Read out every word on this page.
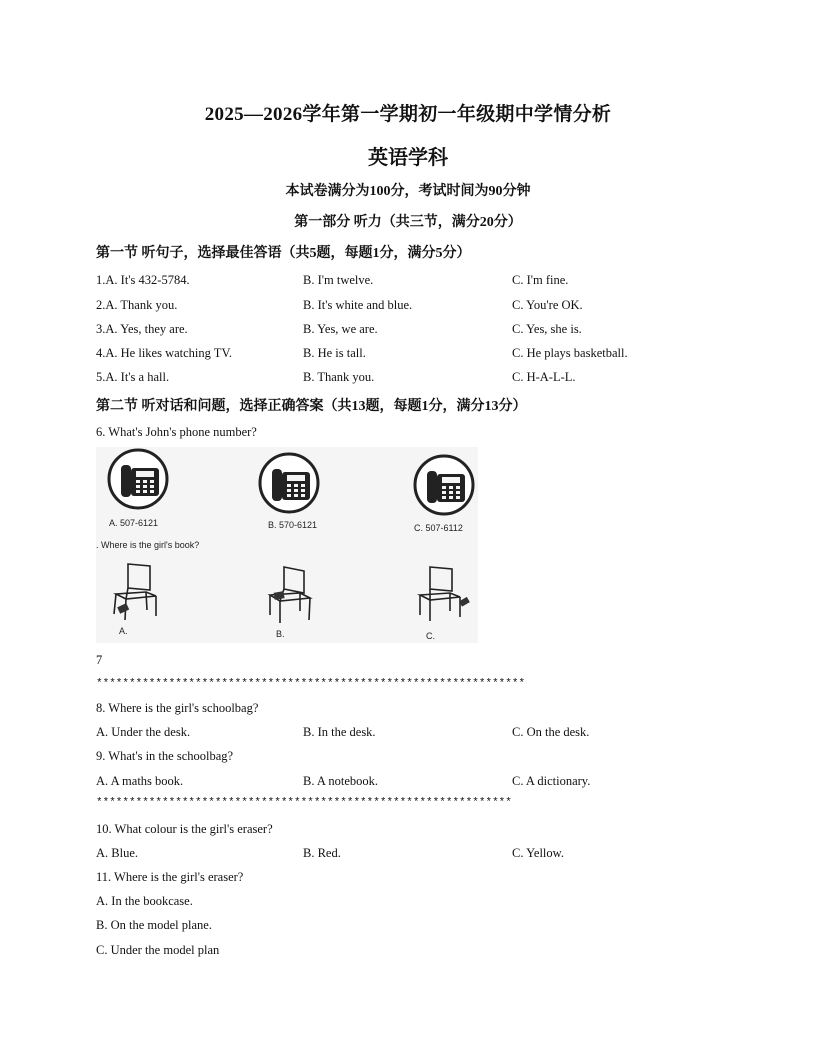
2025—2026学年第一学期初一年级期中学情分析
英语学科
本试卷满分为100分，考试时间为90分钟
第一部分 听力（共三节，满分20分）
第一节 听句子，选择最佳答语（共5题，每题1分，满分5分）
1.A. It's 432-5784.	B. I'm twelve.	C. I'm fine.
2.A. Thank you.	B. It's white and blue.	C. You're OK.
3.A. Yes, they are.	B. Yes, we are.	C. Yes, she is.
4.A. He likes watching TV.	B. He is tall.	C. He plays basketball.
5.A. It's a hall.	B. Thank you.	C. H-A-L-L.
第二节 听对话和问题，选择正确答案（共13题，每题1分，满分13分）
6. What's John's phone number?
A. 507-6121	B. 570-6121	C. 507-6112
. Where is the girl's book?
A.	B.	C.
7
*****************************************************************
8. Where is the girl's schoolbag?
A. Under the desk.	B. In the desk.	C. On the desk.
9. What's in the schoolbag?
A. A maths book.	B. A notebook.	C. A dictionary.
***************************************************************
10. What colour is the girl's eraser?
A. Blue.	B. Red.	C. Yellow.
11. Where is the girl's eraser?
A. In the bookcase.
B. On the model plane.
C. Under the model plan
